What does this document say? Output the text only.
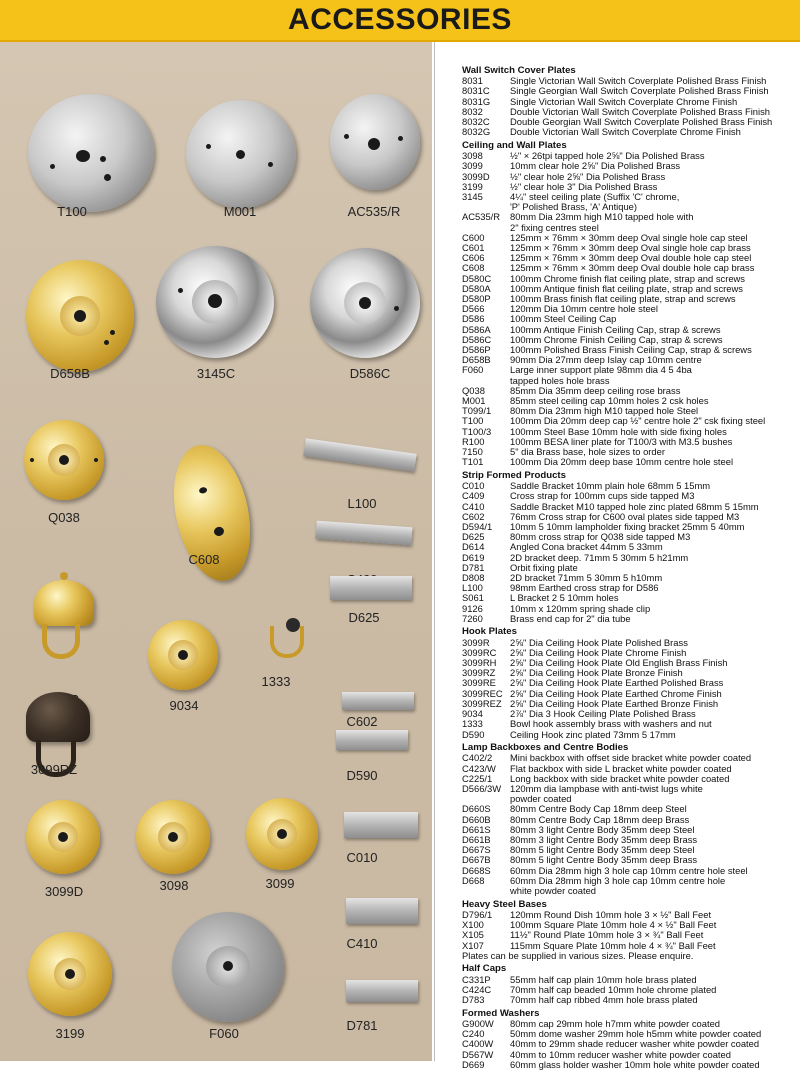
ACCESSORIES
T100	M001	AC535/R
D658B	3145C	D586C
Q038
C608
L100
D625
9034
1333
C602
3099RZ	D590
3099D	3098	3099
C010
C410
3199	F060
D781
Wall Switch Cover Plates
8031	Single Victorian Wall Switch Coverplate Polished Brass Finish
8031C	Single Georgian Wall Switch Coverplate Polished Brass Finish
8031G	Single Victorian Wall Switch Coverplate Chrome Finish
8032	Double Victorian Wall Switch Coverplate Polished Brass Finish
8032C	Double Georgian Wall Switch Coverplate Polished Brass Finish
8032G	Double Victorian Wall Switch Coverplate Chrome Finish
Ceiling and Wall Plates
3098	½" × 26tpi tapped hole 2⅝" Dia Polished Brass
3099	10mm clear hole 2⅝" Dia Polished Brass
3099D	½" clear hole 2⅝" Dia Polished Brass
3199	½" clear hole 3" Dia Polished Brass
3145	4¼" steel ceiling plate (Suffix 'C' chrome,
'P' Polished Brass, 'A' Antique)
AC535/R	80mm Dia 23mm high M10 tapped hole with
2" fixing centres steel
C600	125mm × 76mm × 30mm deep Oval single hole cap steel
C601	125mm × 76mm × 30mm deep Oval single hole cap brass
C606	125mm × 76mm × 30mm deep Oval double hole cap steel
C608	125mm × 76mm × 30mm deep Oval double hole cap brass
D580C	100mm Chrome finish flat ceiling plate, strap and screws
D580A	100mm Antique finish flat ceiling plate, strap and screws
D580P	100mm Brass finish flat ceiling plate, strap and screws
D566	120mm Dia 10mm centre hole steel
D586	100mm Steel Ceiling Cap
D586A	100mm Antique Finish Ceiling Cap, strap & screws
D586C	100mm Chrome Finish Ceiling Cap, strap & screws
D586P	100mm Polished Brass Finish Ceiling Cap, strap & screws
D658B	90mm Dia 27mm deep Islay cap 10mm centre
F060	Large inner support plate 98mm dia 4 5 4ba
tapped holes hole brass
Q038	85mm Dia 35mm deep ceiling rose brass
M001	85mm steel ceiling cap 10mm holes 2 csk holes
T099/1	80mm Dia 23mm high M10 tapped hole Steel
T100	100mm Dia 20mm deep cap ½" centre hole 2" csk fixing steel
T100/3	100mm Steel Base 10mm hole with side fixing holes
R100	100mm BESA liner plate for T100/3 with M3.5 bushes
7150	5" dia Brass base, hole sizes to order
T101	100mm Dia 20mm deep base 10mm centre hole steel
Strip Formed Products
C010	Saddle Bracket 10mm plain hole 68mm 5 15mm
C409	Cross strap for 100mm cups side tapped M3
C410	Saddle Bracket M10 tapped hole zinc plated 68mm 5 15mm
C602	76mm Cross strap for C600 oval plates side tapped M3
D594/1	10mm 5 10mm lampholder fixing bracket 25mm 5 40mm
D625	80mm cross strap for Q038 side tapped M3
D614	Angled Cona bracket 44mm 5 33mm
D619	2D bracket deep. 71mm 5 30mm 5 h21mm
D781	Orbit fixing plate
D808	2D bracket 71mm 5 30mm 5 h10mm
L100	98mm Earthed cross strap for D586
S061	L Bracket 2 5 10mm holes
9126	10mm x 120mm spring shade clip
7260	Brass end cap for 2" dia tube
Hook Plates
3099R	2⅝" Dia Ceiling Hook Plate Polished Brass
3099RC	2⅝" Dia Ceiling Hook Plate Chrome Finish
3099RH	2⅝" Dia Ceiling Hook Plate Old English Brass Finish
3099RZ	2⅝" Dia Ceiling Hook Plate Bronze Finish
3099RE	2⅝" Dia Ceiling Hook Plate Earthed Polished Brass
3099REC 2⅝" Dia Ceiling Hook Plate Earthed Chrome Finish
3099REZ 2⅝" Dia Ceiling Hook Plate Earthed Bronze Finish
9034	2⅞" Dia 3 Hook Ceiling Plate Polished Brass
1333	Bowl hook assembly brass with washers and nut
D590	Ceiling Hook zinc plated 73mm 5 17mm
Lamp Backboxes and Centre Bodies
C402/2	Mini backbox with offset side bracket white powder coated
C423/W	Flat backbox with side L bracket white powder coated
C225/1	Long backbox with side bracket white powder coated
D566/3W 120mm dia lampbase with anti-twist lugs white
powder coated
D660S	80mm Centre Body Cap 18mm deep Steel
D660B	80mm Centre Body Cap 18mm deep Brass
D661S	80mm 3 light Centre Body 35mm deep Steel
D661B	80mm 3 light Centre Body 35mm deep Brass
D667S	80mm 5 light Centre Body 35mm deep Steel
D667B	80mm 5 light Centre Body 35mm deep Brass
D668S	60mm Dia 28mm high 3 hole cap 10mm centre hole steel
D668	60mm Dia 28mm high 3 hole cap 10mm centre hole
white powder coated
Heavy Steel Bases
D796/1	120mm Round Dish 10mm hole 3 × ½" Ball Feet
X100	100mm Square Plate 10mm hole 4 × ½" Ball Feet
X105	11½" Round Plate 10mm hole 3 × ¾" Ball Feet
X107	115mm Square Plate 10mm hole 4 × ¾" Ball Feet
Plates can be supplied in various sizes. Please enquire.
Half Caps
C331P	55mm half cap plain 10mm hole brass plated
C424C	70mm half cap beaded 10mm hole chrome plated
D783	70mm half cap ribbed 4mm hole brass plated
Formed Washers
G900W	80mm cap 29mm hole h7mm white powder coated
C240	50mm dome washer 29mm hole h5mm white powder coated
C400W	40mm to 29mm shade reducer washer white powder coated
D567W	40mm to 10mm reducer washer white powder coated
D669	60mm glass holder washer 10mm hole white powder coated
